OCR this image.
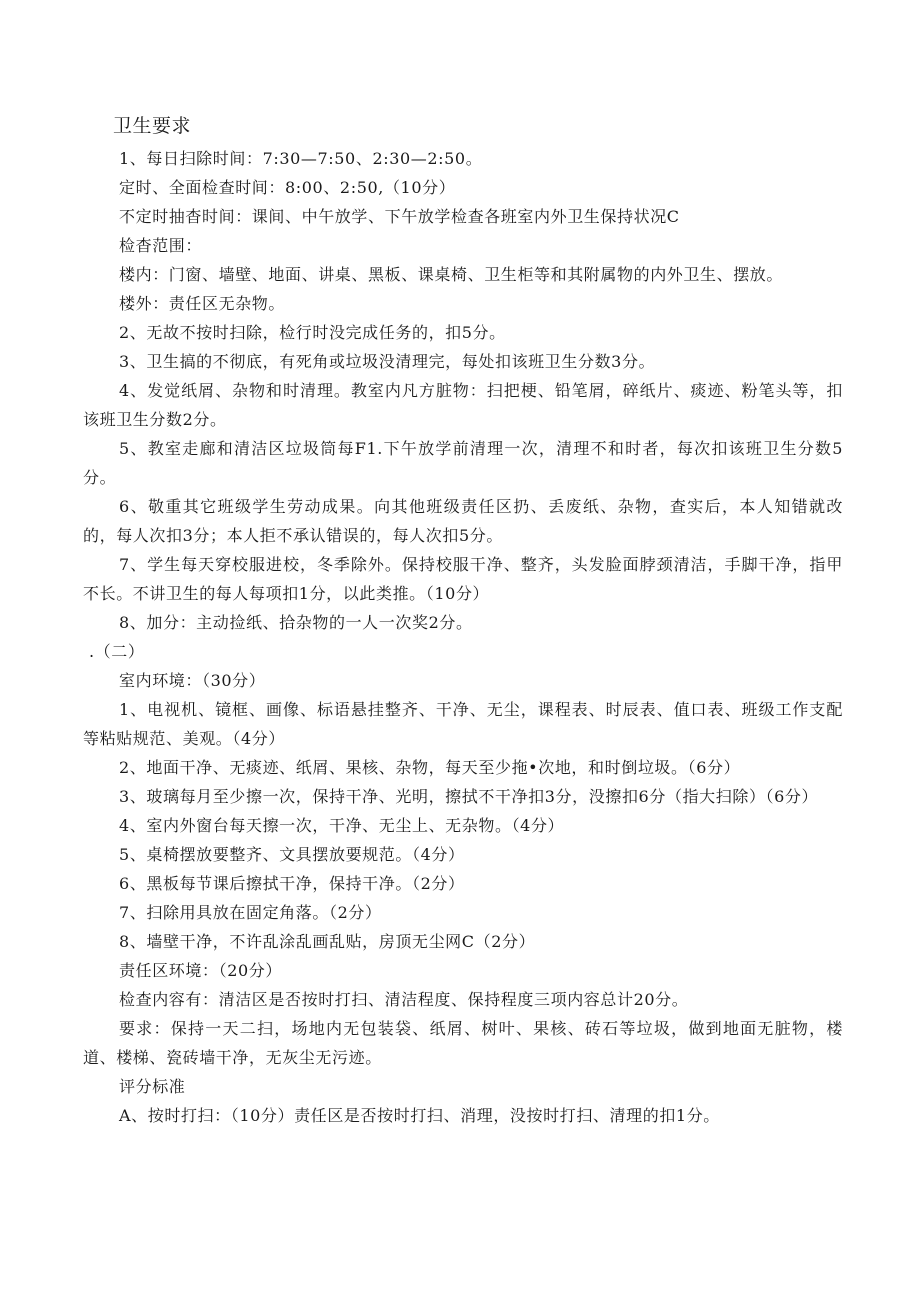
卫生要求

1、每日扫除时间：7:30—7:50、2:30—2:50。

定时、全面检查时间：8:00、2:50,（10分）

不定时抽杳时间：课间、中午放学、下午放学检查各班室内外卫生保持状况C

检杳范围：

楼内：门窗、墙壁、地面、讲桌、黑板、课桌椅、卫生柜等和其附属物的内外卫生、摆放。

楼外：责任区无杂物。

2、无故不按时扫除，检行时没完成任务的，扣5分。

3、卫生搞的不彻底，有死角或垃圾没清理完，每处扣该班卫生分数3分。

4、发觉纸屑、杂物和时清理。教室内凡方脏物：扫把梗、铅笔屑，碎纸片、痰迹、粉笔头等，扣该班卫生分数2分。

5、教室走廊和清洁区垃圾筒每F1.下午放学前清理一次，清理不和时者，每次扣该班卫生分数5分。

6、敬重其它班级学生劳动成果。向其他班级责任区扔、丢废纸、杂物，查实后，本人知错就改的，每人次扣3分；本人拒不承认错误的，每人次扣5分。

7、学生每天穿校服进校，冬季除外。保持校服干净、整齐，头发脸面脖颈清洁，手脚干净，指甲不长。不讲卫生的每人每项扣1分，以此类推。（10分）

8、加分：主动捡纸、拾杂物的一人一次奖2分。

.（二）

室内环境：（30分）

1、电视机、镜框、画像、标语悬挂整齐、干净、无尘，课程表、时辰表、值口表、班级工作支配等粘贴规范、美观。（4分）

2、地面干净、无痰迹、纸屑、果核、杂物，每天至少拖•次地，和时倒垃圾。（6分）

3、玻璃每月至少擦一次，保持干净、光明，擦拭不干净扣3分，没擦扣6分（指大扫除）（6分）

4、室内外窗台每天擦一次，干净、无尘上、无杂物。（4分）

5、桌椅摆放要整齐、文具摆放要规范。（4分）

6、黑板每节课后擦拭干净，保持干净。（2分）

7、扫除用具放在固定角落。（2分）

8、墙壁干净，不许乱涂乱画乱贴，房顶无尘网C（2分）

责任区环境：（20分）

检查内容有：清洁区是否按时打扫、清洁程度、保持程度三项内容总计20分。

要求：保持一天二扫，场地内无包装袋、纸屑、树叶、果核、砖石等垃圾，做到地面无脏物，楼道、楼梯、瓷砖墙干净，无灰尘无污迹。

评分标准

A、按时打扫：（10分）责任区是否按时打扫、消理，没按时打扫、清理的扣1分。
